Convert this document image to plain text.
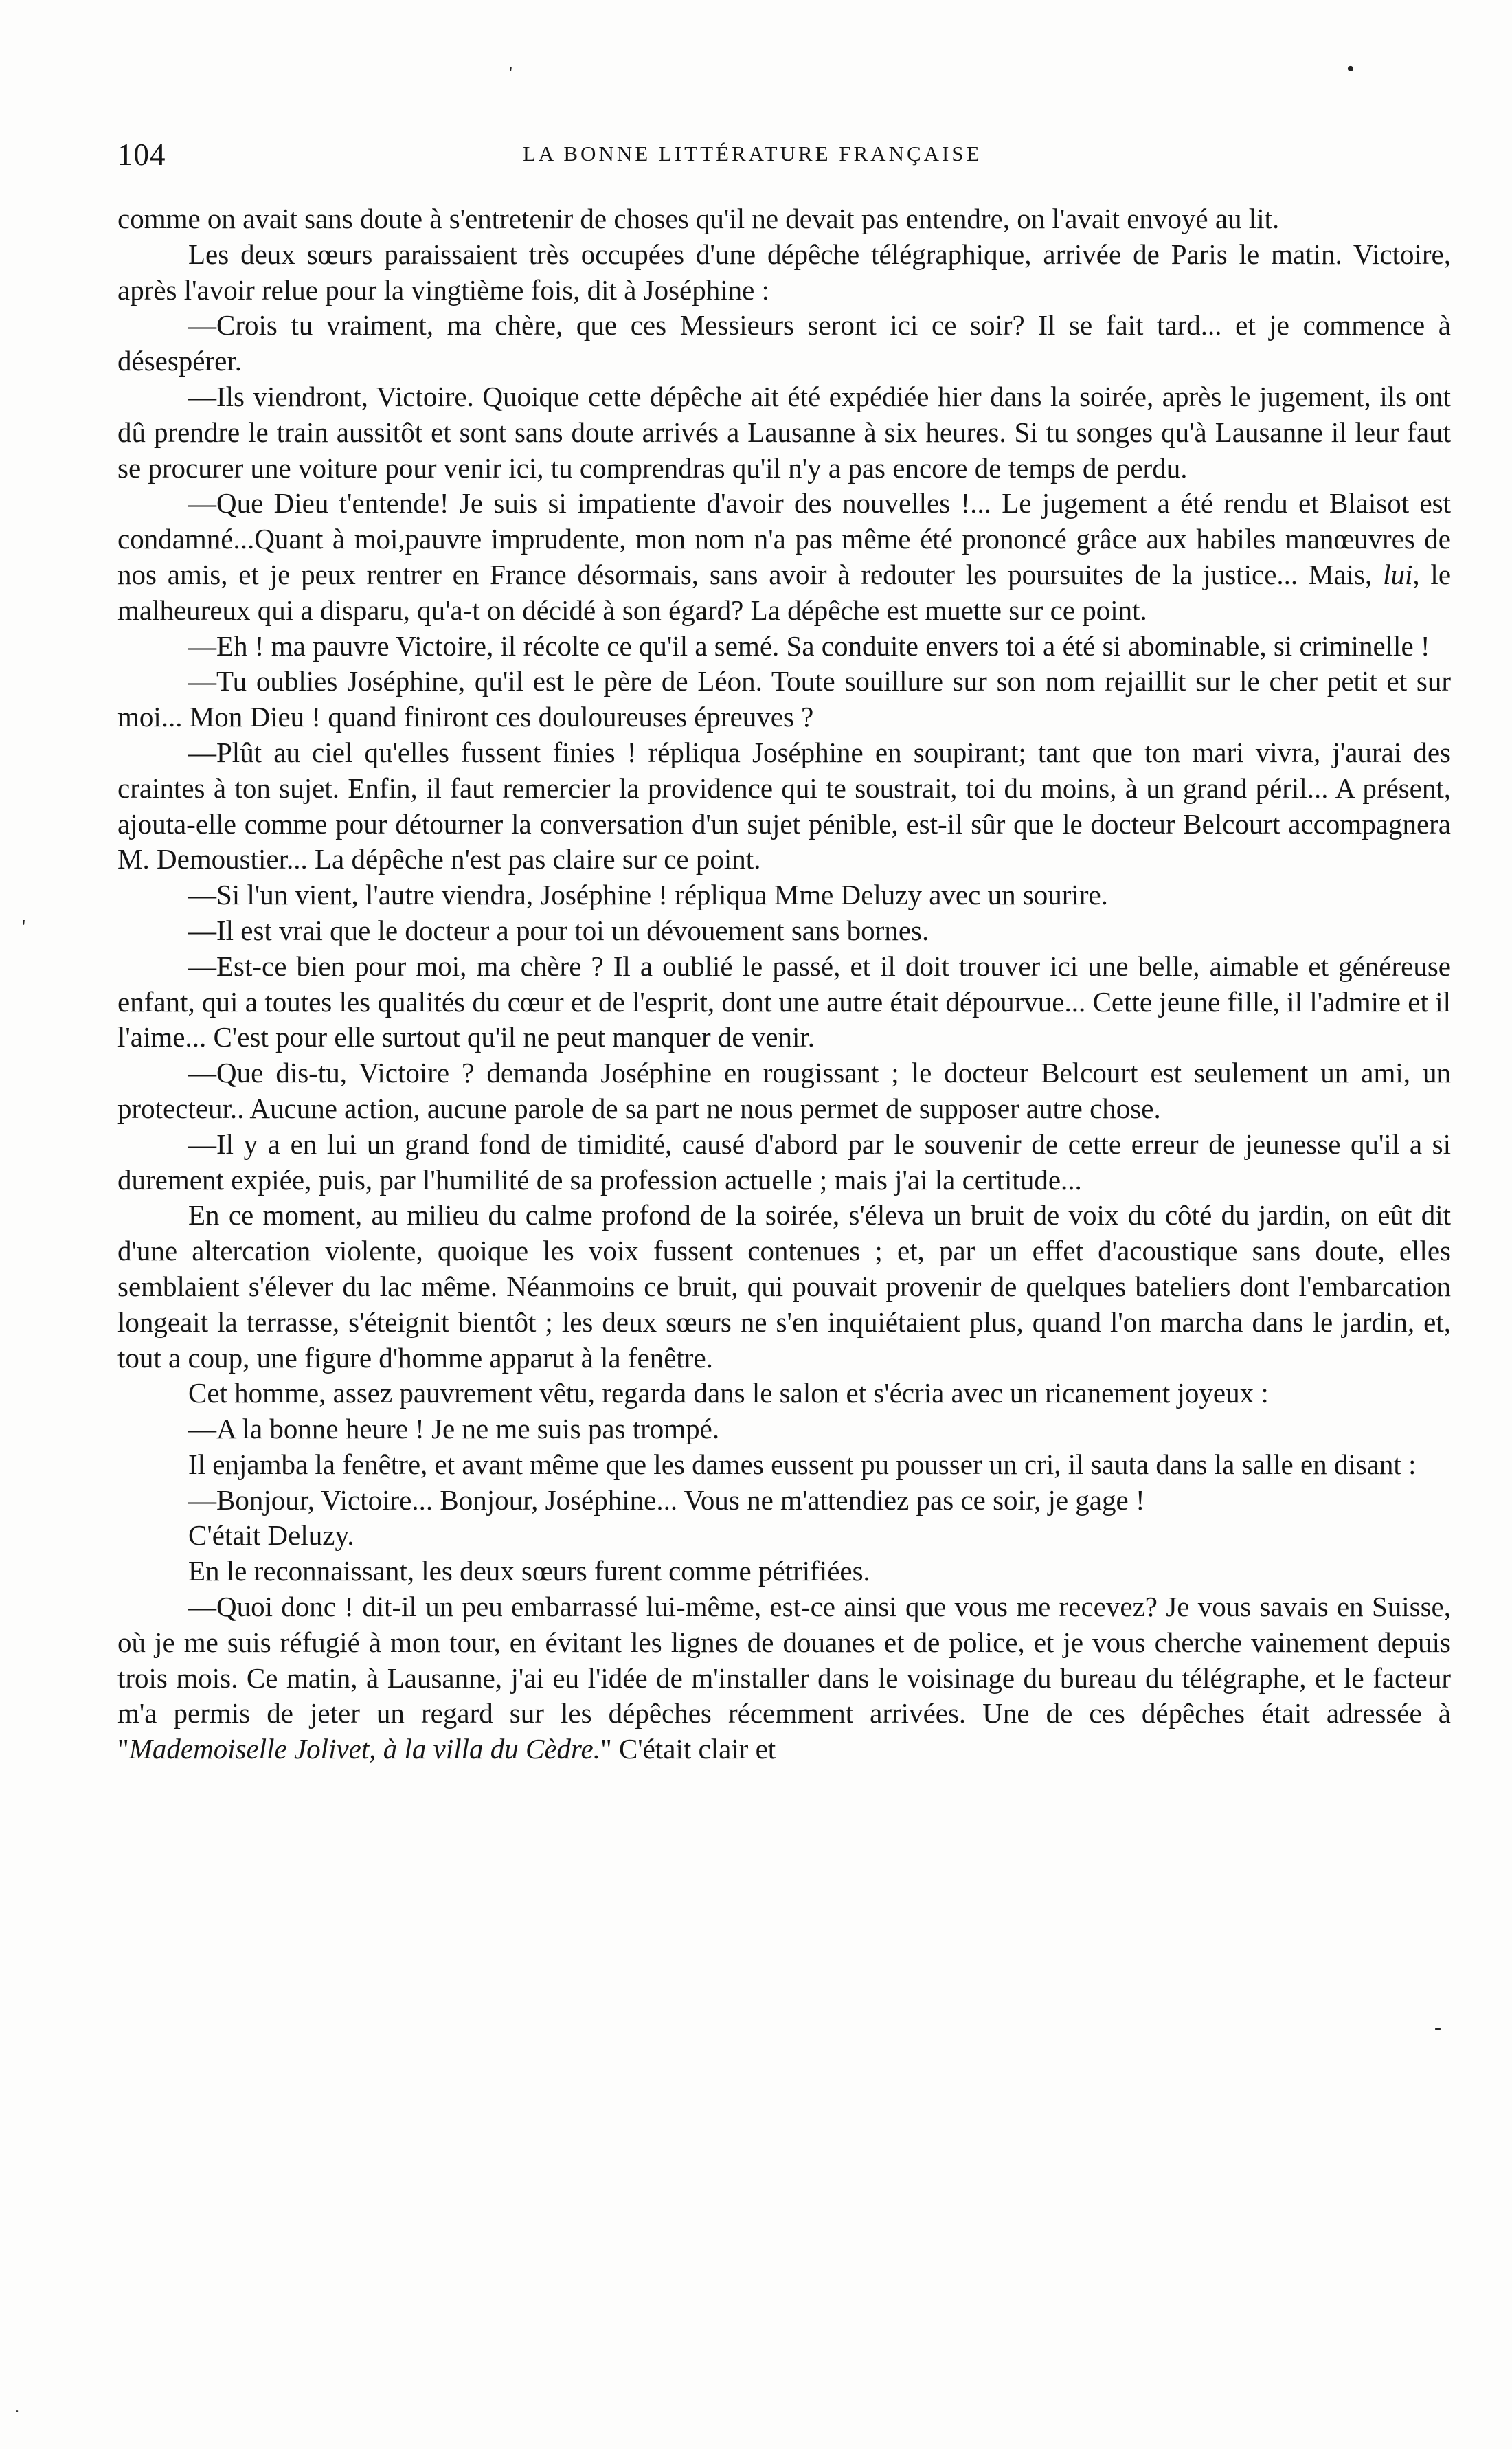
•
'
'
-
.
104	LA BONNE LITTÉRATURE FRANÇAISE

comme on avait sans doute à s'entretenir de choses qu'il ne devait pas entendre, on l'avait envoyé au lit.

Les deux sœurs paraissaient très occupées d'une dépêche télégraphique, arrivée de Paris le matin. Victoire, après l'avoir relue pour la vingtième fois, dit à Joséphine :

—Crois tu vraiment, ma chère, que ces Messieurs seront ici ce soir? Il se fait tard... et je commence à désespérer.

—Ils viendront, Victoire. Quoique cette dépêche ait été expédiée hier dans la soirée, après le jugement, ils ont dû prendre le train aussitôt et sont sans doute arrivés a Lausanne à six heures. Si tu songes qu'à Lausanne il leur faut se procurer une voiture pour venir ici, tu comprendras qu'il n'y a pas encore de temps de perdu.

—Que Dieu t'entende! Je suis si impatiente d'avoir des nouvelles !... Le jugement a été rendu et Blaisot est condamné...Quant à moi,pauvre imprudente, mon nom n'a pas même été prononcé grâce aux habiles manœuvres de nos amis, et je peux rentrer en France désormais, sans avoir à redouter les poursuites de la justice... Mais, lui, le malheureux qui a disparu, qu'a-t on décidé à son égard? La dépêche est muette sur ce point.

—Eh ! ma pauvre Victoire, il récolte ce qu'il a semé. Sa conduite envers toi a été si abominable, si criminelle !

—Tu oublies Joséphine, qu'il est le père de Léon. Toute souillure sur son nom rejaillit sur le cher petit et sur moi... Mon Dieu ! quand finiront ces douloureuses épreuves ?

—Plût au ciel qu'elles fussent finies ! répliqua Joséphine en soupirant; tant que ton mari vivra, j'aurai des craintes à ton sujet. Enfin, il faut remercier la providence qui te soustrait, toi du moins, à un grand péril... A présent, ajouta-elle comme pour détourner la conversation d'un sujet pénible, est-il sûr que le docteur Belcourt accompagnera M. Demoustier... La dépêche n'est pas claire sur ce point.

—Si l'un vient, l'autre viendra, Joséphine ! répliqua Mme Deluzy avec un sourire.

—Il est vrai que le docteur a pour toi un dévouement sans bornes.

—Est-ce bien pour moi, ma chère ? Il a oublié le passé, et il doit trouver ici une belle, aimable et généreuse enfant, qui a toutes les qualités du cœur et de l'esprit, dont une autre était dépourvue... Cette jeune fille, il l'admire et il l'aime... C'est pour elle surtout qu'il ne peut manquer de venir.

—Que dis-tu, Victoire ? demanda Joséphine en rougissant ; le docteur Belcourt est seulement un ami, un protecteur.. Aucune action, aucune parole de sa part ne nous permet de supposer autre chose.

—Il y a en lui un grand fond de timidité, causé d'abord par le souvenir de cette erreur de jeunesse qu'il a si durement expiée, puis, par l'humilité de sa profession actuelle ; mais j'ai la certitude...

En ce moment, au milieu du calme profond de la soirée, s'éleva un bruit de voix du côté du jardin, on eût dit d'une altercation violente, quoique les voix fussent contenues ; et, par un effet d'acoustique sans doute, elles semblaient s'élever du lac même. Néanmoins ce bruit, qui pouvait provenir de quelques bateliers dont l'embarcation longeait la terrasse, s'éteignit bientôt ; les deux sœurs ne s'en inquiétaient plus, quand l'on marcha dans le jardin, et, tout a coup, une figure d'homme apparut à la fenêtre.

Cet homme, assez pauvrement vêtu, regarda dans le salon et s'écria avec un ricanement joyeux :

—A la bonne heure ! Je ne me suis pas trompé.

Il enjamba la fenêtre, et avant même que les dames eussent pu pousser un cri, il sauta dans la salle en disant :

—Bonjour, Victoire... Bonjour, Joséphine... Vous ne m'attendiez pas ce soir, je gage !

C'était Deluzy.

En le reconnaissant, les deux sœurs furent comme pétrifiées.

—Quoi donc ! dit-il un peu embarrassé lui-même, est-ce ainsi que vous me recevez? Je vous savais en Suisse, où je me suis réfugié à mon tour, en évitant les lignes de douanes et de police, et je vous cherche vainement depuis trois mois. Ce matin, à Lausanne, j'ai eu l'idée de m'installer dans le voisinage du bureau du télégraphe, et le facteur m'a permis de jeter un regard sur les dépêches récemment arrivées. Une de ces dépêches était adressée à "Mademoiselle Jolivet, à la villa du Cèdre." C'était clair et
